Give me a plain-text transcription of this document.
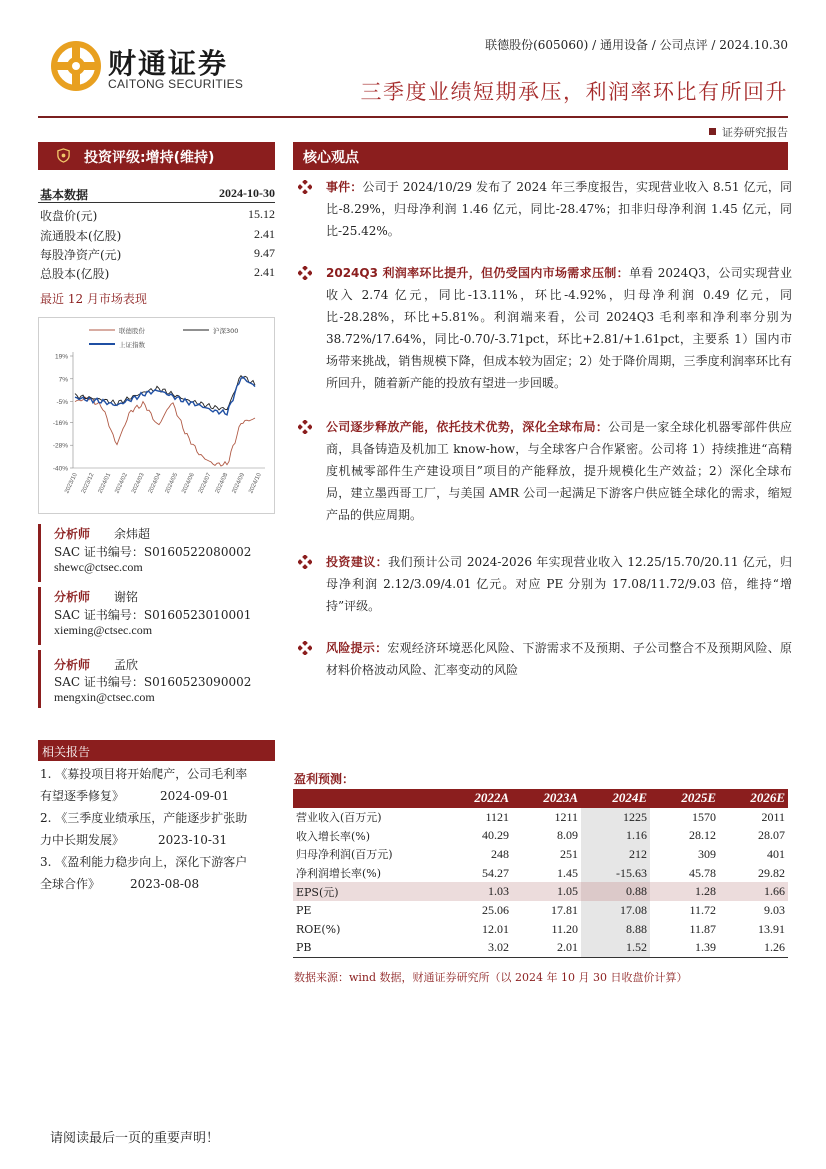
财通证券
CAITONG SECURITIES
联德股份(605060) / 通用设备 / 公司点评 / 2024.10.30
三季度业绩短期承压，利润率环比有所回升
证券研究报告
投资评级:增持(维持)
基本数据	2024-10-30
收盘价(元)	15.12
流通股本(亿股)	2.41
每股净资产(元)	9.47
总股本(亿股)	2.41
最近 12 月市场表现
联德股份	沪深300
上证指数
19%
7%
-5%
-16%
-28%
-40%
2023/10 2023/12 2024/01 2024/02 2024/03 2024/04 2024/05 2024/06 2024/07 2024/08 2024/09 2024/10
分析师 余炜超
SAC 证书编号：S0160522080002
shewc@ctsec.com
分析师 谢铭
SAC 证书编号：S0160523010001
xieming@ctsec.com
分析师 孟欣
SAC 证书编号：S0160523090002
mengxin@ctsec.com
相关报告
1. 《募投项目将开始爬产，公司毛利率
有望逐季修复》	2024-09-01
2. 《三季度业绩承压，产能逐步扩张助
力中长期发展》	2023-10-31
3. 《盈利能力稳步向上，深化下游客户
全球合作》 2023-08-08
核心观点
事件：公司于 2024/10/29 发布了 2024 年三季度报告，实现营业收入 8.51 亿元，同比-8.29%，归母净利润 1.46 亿元，同比-28.47%；扣非归母净利润 1.45 亿元，同比-25.42%。
2024Q3 利润率环比提升，但仍受国内市场需求压制：单看 2024Q3，公司实现营业收入 2.74 亿元，同比-13.11%，环比-4.92%，归母净利润 0.49 亿元，同比-28.28%，环比+5.81%。利润端来看，公司 2024Q3 毛利率和净利率分别为 38.72%/17.64%，同比-0.70/-3.71pct，环比+2.81/+1.61pct，主要系 1）国内市场带来挑战，销售规模下降，但成本较为固定；2）处于降价周期，三季度利润率环比有所回升，随着新产能的投放有望进一步回暖。
公司逐步释放产能，依托技术优势，深化全球布局：公司是一家全球化机器零部件供应商，具备铸造及机加工 know-how，与全球客户合作紧密。公司将 1）持续推进“高精度机械零部件生产建设项目”项目的产能释放，提升规模化生产效益；2）深化全球布局，建立墨西哥工厂，与美国 AMR 公司一起满足下游客户供应链全球化的需求，缩短产品的供应周期。
投资建议：我们预计公司 2024-2026 年实现营业收入 12.25/15.70/20.11 亿元，归母净利润 2.12/3.09/4.01 亿元。对应 PE 分别为 17.08/11.72/9.03 倍，维持“增持”评级。
风险提示：宏观经济环境恶化风险、下游需求不及预期、子公司整合不及预期风险、原材料价格波动风险、汇率变动的风险
盈利预测：
	2022A	2023A	2024E	2025E	2026E
营业收入(百万元)	1121	1211	1225	1570	2011
收入增长率(%)	40.29	8.09	1.16	28.12	28.07
归母净利润(百万元)	248	251	212	309	401
净利润增长率(%)	54.27	1.45	-15.63	45.78	29.82
EPS(元)	1.03	1.05	0.88	1.28	1.66
PE	25.06	17.81	17.08	11.72	9.03
ROE(%)	12.01	11.20	8.88	11.87	13.91
PB	3.02	2.01	1.52	1.39	1.26
数据来源：wind 数据，财通证券研究所（以 2024 年 10 月 30 日收盘价计算）
请阅读最后一页的重要声明！
